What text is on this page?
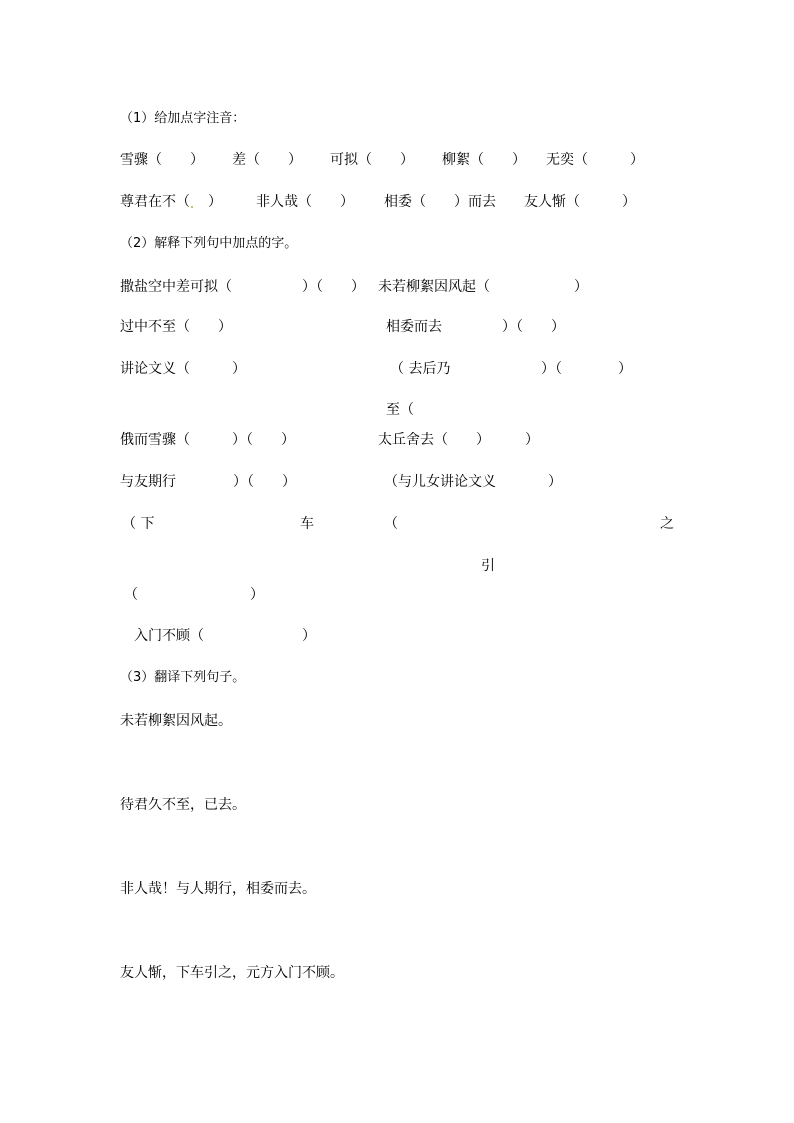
（1）给加点字注音：
雪骤（　　） 差（　　） 可拟（　　） 柳絮（　　） 无奕（　　　）
尊君在不（　 ） 非人哉（　　） 相委（　　）而去 友人惭（　　　）
（2）解释下列句中加点的字。
撒盐空中差可拟（　　　　　）（　　） 未若柳絮因风起（　　　　　　）
过中不至（　　）	相委而去	）（　　）
讲论文义（　　　）	（ 去后乃	）（　　　　）
至（
俄而雪骤（　　　）（　　）	太丘舍去（　　）	）
与友期行	）（　　）	（与儿女讲论文义	）
（ 下	车	（	之
引
（　　　　　　　　）
入门不顾（　　　　　　　）
（3）翻译下列句子。
未若柳絮因风起。
待君久不至，已去。
非人哉！与人期行，相委而去。
友人惭，下车引之，元方入门不顾。
